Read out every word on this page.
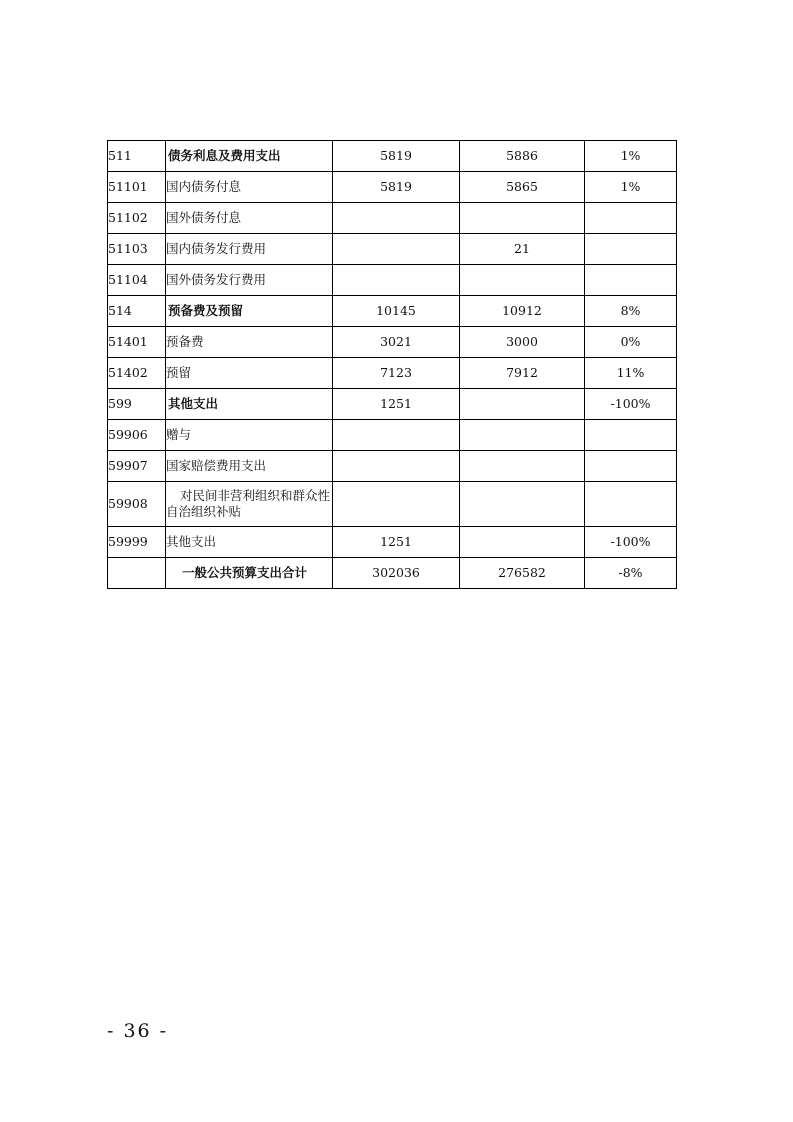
511	债务利息及费用支出	5819	5886	1%
51101	国内债务付息	5819	5865	1%
51102	国外债务付息			
51103	国内债务发行费用		21	
51104	国外债务发行费用			
514	预备费及预留	10145	10912	8%
51401	预备费	3021	3000	0%
51402	预留	7123	7912	11%
599	其他支出	1251		-100%
59906	赠与			
59907	国家赔偿费用支出			
59908	对民间非营利组织和群众性自治组织补贴			
59999	其他支出	1251		-100%
	一般公共预算支出合计	302036	276582	-8%
- 36 -
